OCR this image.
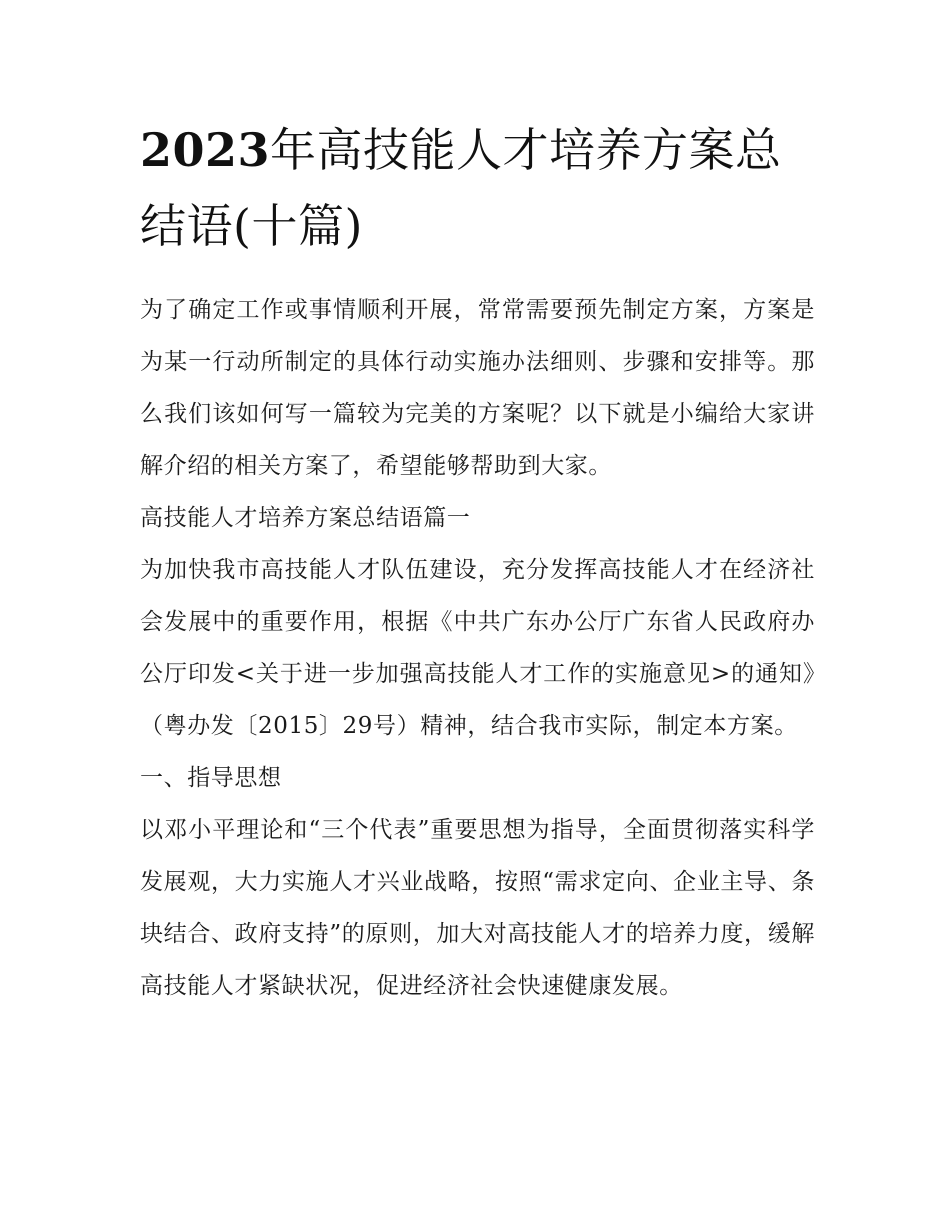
2023年高技能人才培养方案总结语(十篇)

为了确定工作或事情顺利开展，常常需要预先制定方案，方案是为某一行动所制定的具体行动实施办法细则、步骤和安排等。那么我们该如何写一篇较为完美的方案呢？以下就是小编给大家讲解介绍的相关方案了，希望能够帮助到大家。

高技能人才培养方案总结语篇一

为加快我市高技能人才队伍建设，充分发挥高技能人才在经济社会发展中的重要作用，根据《中共广东办公厅广东省人民政府办公厅印发<关于进一步加强高技能人才工作的实施意见>的通知》（粤办发〔2015〕29号）精神，结合我市实际，制定本方案。

一、指导思想

以邓小平理论和“三个代表”重要思想为指导，全面贯彻落实科学发展观，大力实施人才兴业战略，按照“需求定向、企业主导、条块结合、政府支持”的原则，加大对高技能人才的培养力度，缓解高技能人才紧缺状况，促进经济社会快速健康发展。
